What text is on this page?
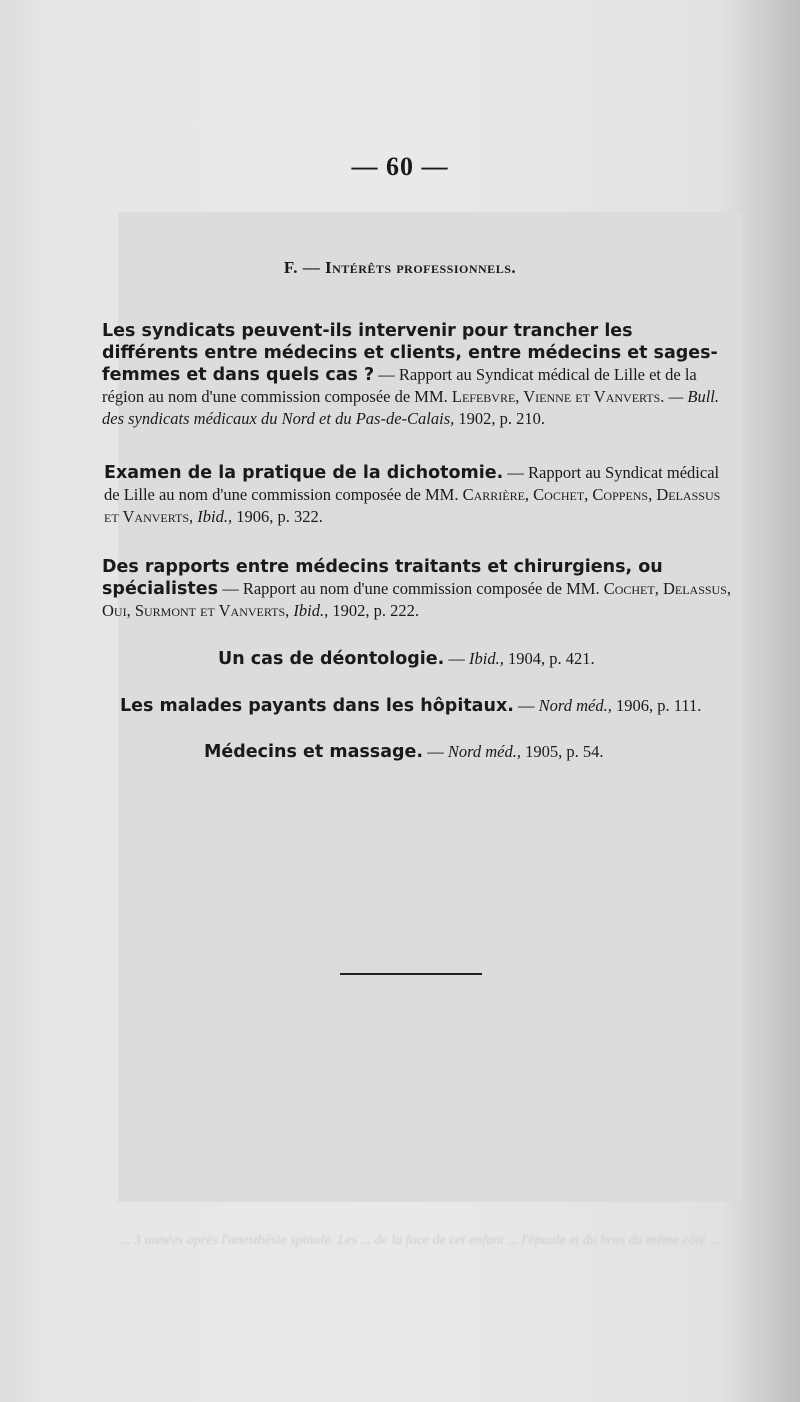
... 3 années après l'anesthésie spinale. Les ... de la face de cet enfant ... l'épaule et du bras du même côté ...
— 60 —
F. — Intérêts professionnels.
Les syndicats peuvent-ils intervenir pour trancher les différents entre médecins et clients, entre médecins et sages-femmes et dans quels cas ? — Rapport au Syndicat médical de Lille et de la région au nom d'une commission composée de MM. Lefebvre, Vienne et Vanverts. — Bull. des syndicats médicaux du Nord et du Pas-de-Calais, 1902, p. 210.
Examen de la pratique de la dichotomie. — Rapport au Syndicat médical de Lille au nom d'une commission composée de MM. Carrière, Cochet, Coppens, Delassus et Vanverts, Ibid., 1906, p. 322.
Des rapports entre médecins traitants et chirurgiens, ou spécialistes — Rapport au nom d'une commission composée de MM. Cochet, Delassus, Oui, Surmont et Vanverts, Ibid., 1902, p. 222.
Un cas de déontologie. — Ibid., 1904, p. 421.
Les malades payants dans les hôpitaux. — Nord méd., 1906, p. 111.
Médecins et massage. — Nord méd., 1905, p. 54.
